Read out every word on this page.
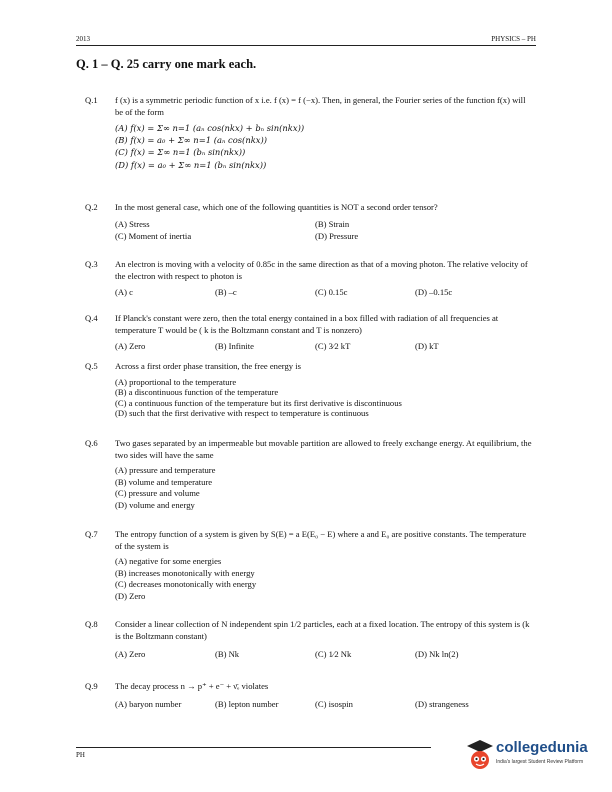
2013	PHYSICS – PH
Q. 1 – Q. 25 carry one mark each.
Q.1 f (x) is a symmetric periodic function of x i.e. f (x) = f (−x). Then, in general, the Fourier series of the function f(x) will be of the form
(A) f(x) = Σ∞ n=1 (aₙ cos(nkx) + bₙ sin(nkx))
(B) f(x) = a₀ + Σ∞ n=1 (aₙ cos(nkx))
(C) f(x) = Σ∞ n=1 (bₙ sin(nkx))
(D) f(x) = a₀ + Σ∞ n=1 (bₙ sin(nkx))
Q.2 In the most general case, which one of the following quantities is NOT a second order tensor?
(A) Stress	(B) Strain
(C) Moment of inertia	(D) Pressure
Q.3 An electron is moving with a velocity of 0.85c in the same direction as that of a moving photon. The relative velocity of the electron with respect to photon is
(A) c	(B) –c	(C) 0.15c	(D) –0.15c
Q.4 If Planck's constant were zero, then the total energy contained in a box filled with radiation of all frequencies at temperature T would be ( k is the Boltzmann constant and T is nonzero)
(A) Zero	(B) Infinite	(C) 3⁄2 kT	(D) kT
Q.5 Across a first order phase transition, the free energy is
(A) proportional to the temperature
(B) a discontinuous function of the temperature
(C) a continuous function of the temperature but its first derivative is discontinuous
(D) such that the first derivative with respect to temperature is continuous
Q.6 Two gases separated by an impermeable but movable partition are allowed to freely exchange energy. At equilibrium, the two sides will have the same
(A) pressure and temperature
(B) volume and temperature
(C) pressure and volume
(D) volume and energy
Q.7 The entropy function of a system is given by S(E) = a E(E₀ − E) where a and E₀ are positive constants. The temperature of the system is
(A) negative for some energies
(B) increases monotonically with energy
(C) decreases monotonically with energy
(D) Zero
Q.8 Consider a linear collection of N independent spin 1/2 particles, each at a fixed location. The entropy of this system is (k is the Boltzmann constant)
(A) Zero	(B) Nk	(C) 1⁄2 Nk	(D) Nk ln(2)
Q.9 The decay process n → p⁺ + e⁻ + ν̄ₑ violates
(A) baryon number	(B) lepton number	(C) isospin	(D) strangeness
PH	collegedunia
India's largest Student Review Platform
